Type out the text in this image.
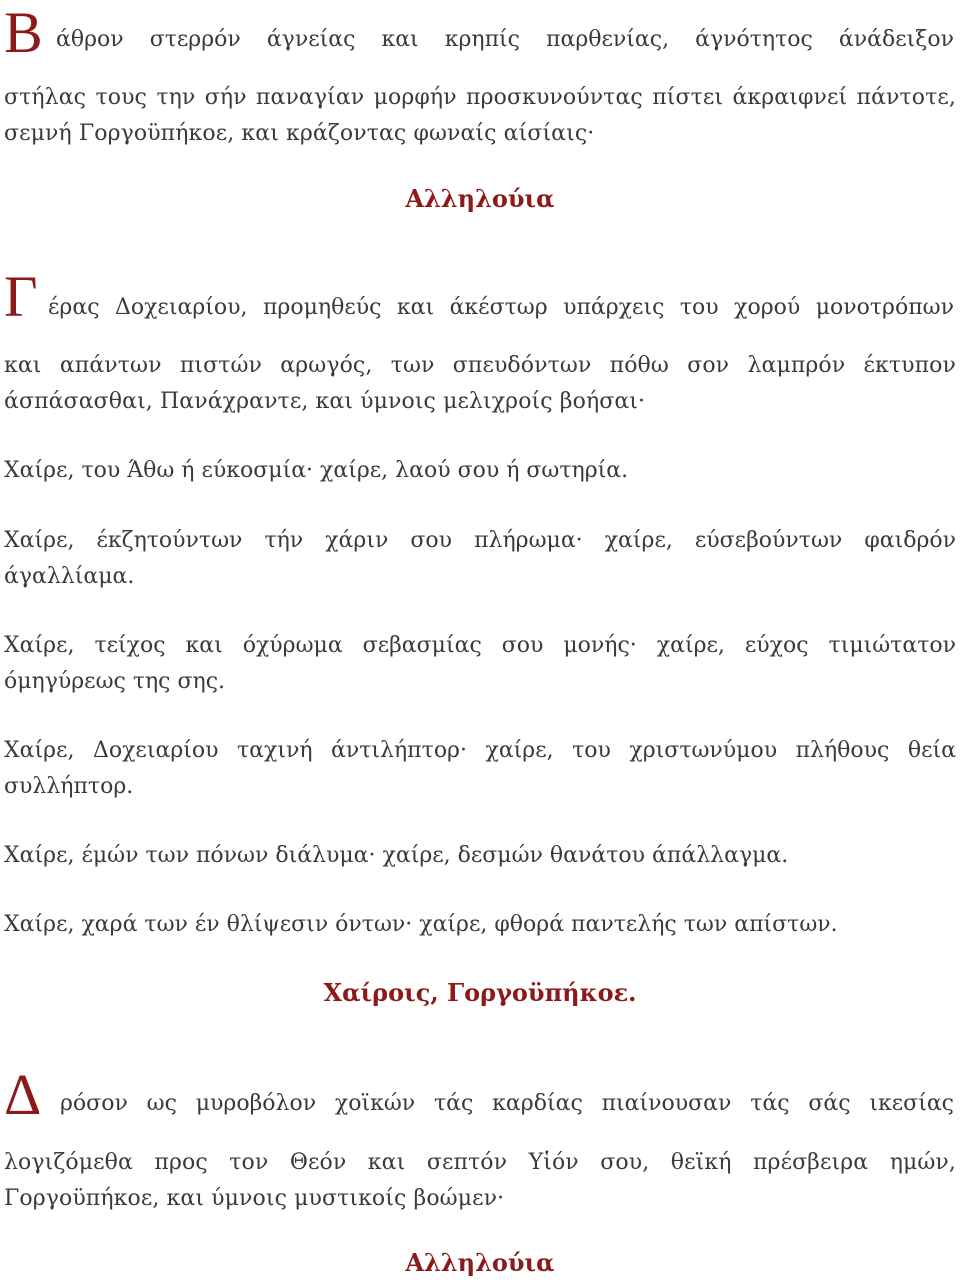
Β άθρον στερρόν άγνείας και κρηπίς παρθενίας, άγνότητος άνάδειξον
στήλας τους την σήν παναγίαν μορφήν προσκυνούντας πίστει άκραιφνεί πάντοτε, σεμνή Γοργοϋπήκοε, και κράζοντας φωναίς αίσίαις·
Αλληλούια
Γ έρας Δοχειαρίου, προμηθεύς και άκέστωρ υπάρχεις του χορού μονοτρόπων
και απάντων πιστών αρωγός, των σπευδόντων πόθω σον λαμπρόν έκτυπον άσπάσασθαι, Πανάχραντε, και ύμνοις μελιχροίς βοήσαι·
Χαίρε, του Άθω ή εύκοσμία· χαίρε, λαού σου ή σωτηρία.
Χαίρε, έκζητούντων τήν χάριν σου πλήρωμα· χαίρε, εύσεβούντων φαιδρόν άγαλλίαμα.
Χαίρε, τείχος και όχύρωμα σεβασμίας σου μονής· χαίρε, εύχος τιμιώτατον όμηγύρεως της σης.
Χαίρε, Δοχειαρίου ταχινή άντιλήπτορ· χαίρε, του χριστωνύμου πλήθους θεία συλλήπτορ.
Χαίρε, έμών των πόνων διάλυμα· χαίρε, δεσμών θανάτου άπάλλαγμα.
Χαίρε, χαρά των έν θλίψεσιν όντων· χαίρε, φθορά παντελής των απίστων.
Χαίροις, Γοργοϋπήκοε.
Δ ρόσον ως μυροβόλον χοϊκών τάς καρδίας πιαίνουσαν τάς σάς ικεσίας
λογιζόμεθα προς τον Θεόν και σεπτόν Υἱόν σου, θεϊκή πρέσβειρα ημών, Γοργοϋπήκοε, και ύμνοις μυστικοίς βοώμεν·
Αλληλούια
